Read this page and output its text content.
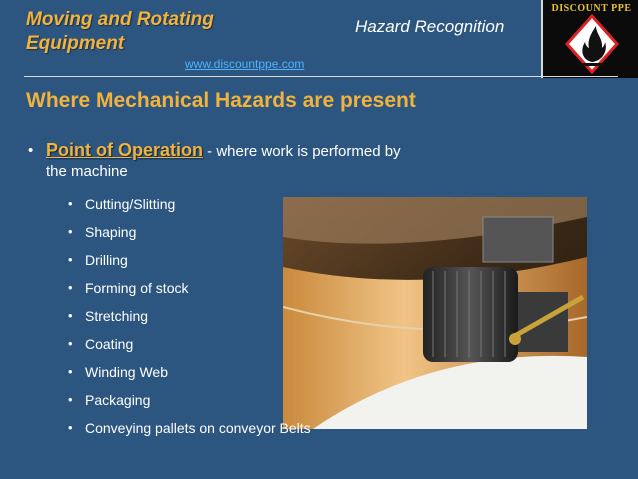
Moving and Rotating
Equipment
Hazard Recognition
www.discountppe.com
DISCOUNT PPE
Where Mechanical Hazards are present
• Point of Operation - where work is performed by the machine
• Cutting/Slitting
• Shaping
• Drilling
• Forming of stock
• Stretching
• Coating
• Winding Web
• Packaging
• Conveying pallets on conveyor Belts
